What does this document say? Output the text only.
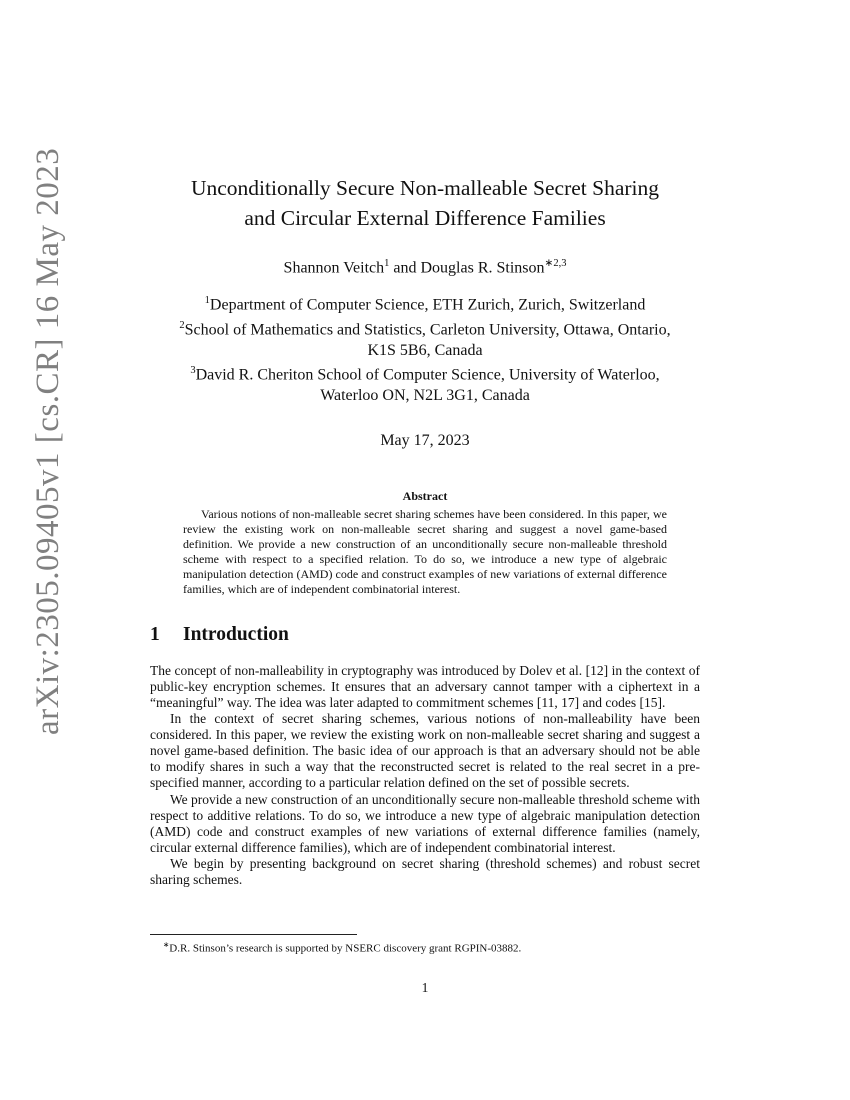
arXiv:2305.09405v1 [cs.CR] 16 May 2023	Unconditionally Secure Non-malleable Secret Sharing
and Circular External Difference Families
Shannon Veitch$^1$ and Douglas R. Stinson$^{∗2,3}$
$^1$Department of Computer Science, ETH Zurich, Zurich, Switzerland
$^2$School of Mathematics and Statistics, Carleton University, Ottawa, Ontario,
K1S 5B6, Canada
$^3$David R. Cheriton School of Computer Science, University of Waterloo,
Waterloo ON, N2L 3G1, Canada
May 17, 2023
Abstract

Various notions of non-malleable secret sharing schemes have been considered. In this paper, we review the existing work on non-malleable secret sharing and suggest a novel game-based definition. We provide a new construction of an unconditionally secure non-malleable threshold scheme with respect to a specified relation. To do so, we introduce a new type of algebraic manipulation detection (AMD) code and construct examples of new variations of external difference families, which are of independent combinatorial interest.

1 Introduction

The concept of non-malleability in cryptography was introduced by Dolev et al. [12] in the context of public-key encryption schemes. It ensures that an adversary cannot tamper with a ciphertext in a “meaningful” way. The idea was later adapted to commitment schemes [11, 17] and codes [15].

In the context of secret sharing schemes, various notions of non-malleability have been considered. In this paper, we review the existing work on non-malleable secret sharing and suggest a novel game-based definition. The basic idea of our approach is that an adversary should not be able to modify shares in such a way that the reconstructed secret is related to the real secret in a pre-specified manner, according to a particular relation defined on the set of possible secrets.

We provide a new construction of an unconditionally secure non-malleable threshold scheme with respect to additive relations. To do so, we introduce a new type of algebraic manipulation detection (AMD) code and construct examples of new variations of external difference families (namely, circular external difference families), which are of independent combinatorial interest.

We begin by presenting background on secret sharing (threshold schemes) and robust secret sharing schemes.

∗D.R. Stinson’s research is supported by NSERC discovery grant RGPIN-03882.
1
